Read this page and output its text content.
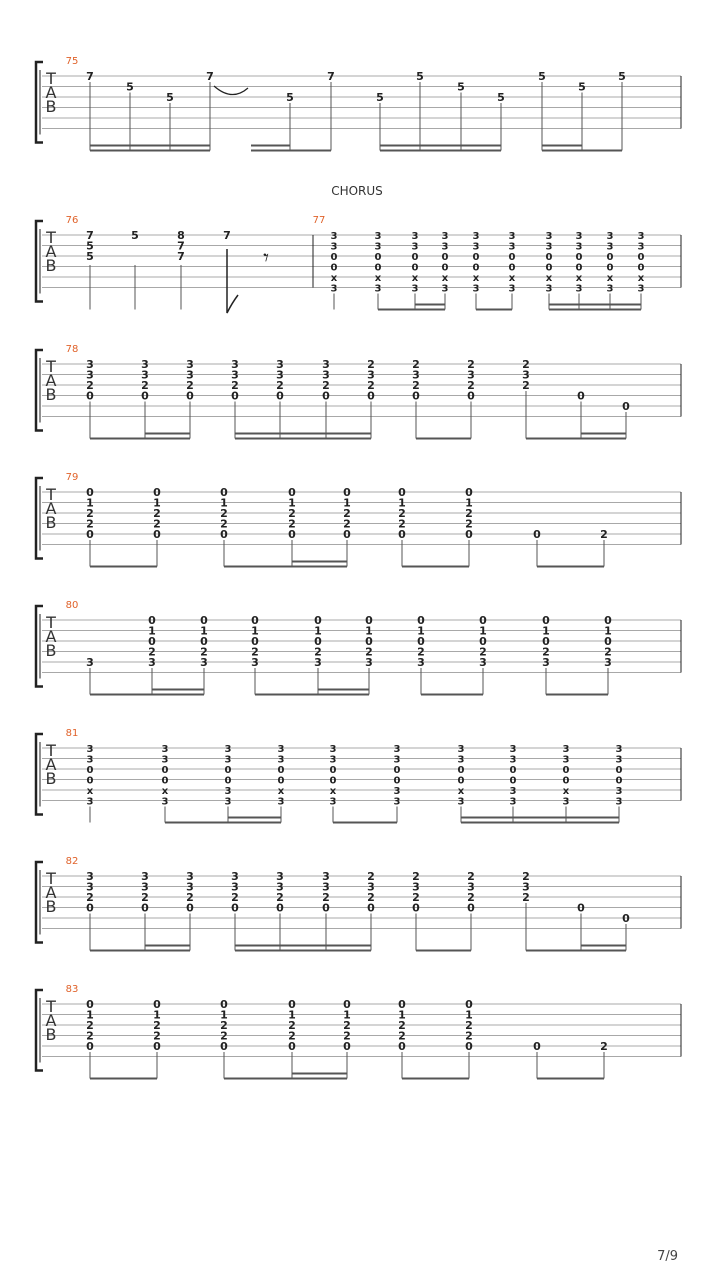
CHORUS
T
A
B
75
7
5
5
7
5
7
5
5
5
5
5
5
5
T
A
B
76
7
5
5
5	8
7
7
7
𝄾
77
3
3
0
0
x
3
3
3
0
0
x
3
3
3
0
0
x
3
3
3
0
0
x
3
3
3
0
0
x
3
3
3
0
0
x
3
3
3
0
0
x
3
3
3
0
0
x
3
3
3
0
0
x
3
3
3
0
0
x
3
T
A
B
78
3
3
2
0
3
3
2
0
3
3
2
0
3
3
2
0
3
3
2
0
3
3
2
0
2
3
2
0
2
3
2
0
2
3
2
0
2
3
2
0
0
T
A
B
82
3
3
2
0
3
3
2
0
3
3
2
0
3
3
2
0
3
3
2
0
3
3
2
0
2
3
2
0
2
3
2
0
2
3
2
0
2
3
2
0
0
T
A
B
79
0
1
2
2
0
0
1
2
2
0
0
1
2
2
0
0
1
2
2
0
0
1
2
2
0
0
1
2
2
0
0
1
2
2
0	0	2
T
A
B
83
0
1
2
2
0
0
1
2
2
0
0
1
2
2
0
0
1
2
2
0
0
1
2
2
0
0
1
2
2
0
0
1
2
2
0	0	2
T
A
B
80
3
0
1
0
2
3
0
1
0
2
3
0
1
0
2
3
0
1
0
2
3
0
1
0
2
3
0
1
0
2
3
0
1
0
2
3
0
1
0
2
3
0
1
0
2
3
T
A
B
81
3
3
0
0
x
3
3
3
0
0
x
3
3
3
0
0
3
3
3
3
0
0
x
3
3
3
0
0
x
3
3
3
0
0
3
3
3
3
0
0
x
3
3
3
0
0
3
3
3
3
0
0
x
3
3
3
0
0
3
3
7/9
